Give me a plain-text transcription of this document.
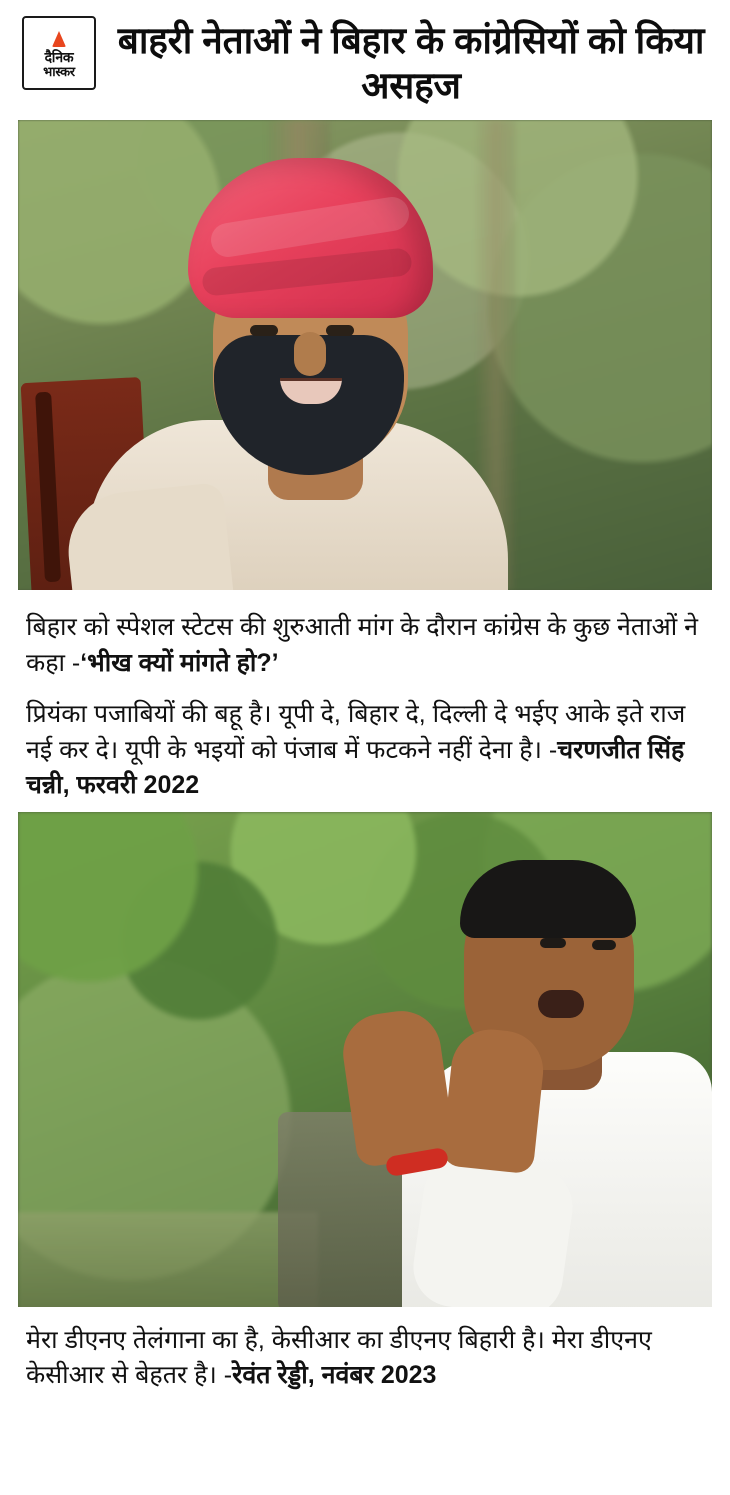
दैनिक
भास्कर
बाहरी नेताओं ने बिहार के कांग्रेसियों को किया असहज
बिहार को स्पेशल स्टेटस की शुरुआती मांग के दौरान कांग्रेस के कुछ नेताओं ने कहा -‘भीख क्यों मांगते हो?’
प्रियंका पजाबियों की बहू है। यूपी दे, बिहार दे, दिल्ली दे भईए आके इते राज नई कर दे। यूपी के भइयों को पंजाब में फटकने नहीं देना है। -चरणजीत सिंह चन्नी, फरवरी 2022
मेरा डीएनए तेलंगाना का है, केसीआर का डीएनए बिहारी है। मेरा डीएनए केसीआर से बेहतर है। -रेवंत रेड्डी, नवंबर 2023
